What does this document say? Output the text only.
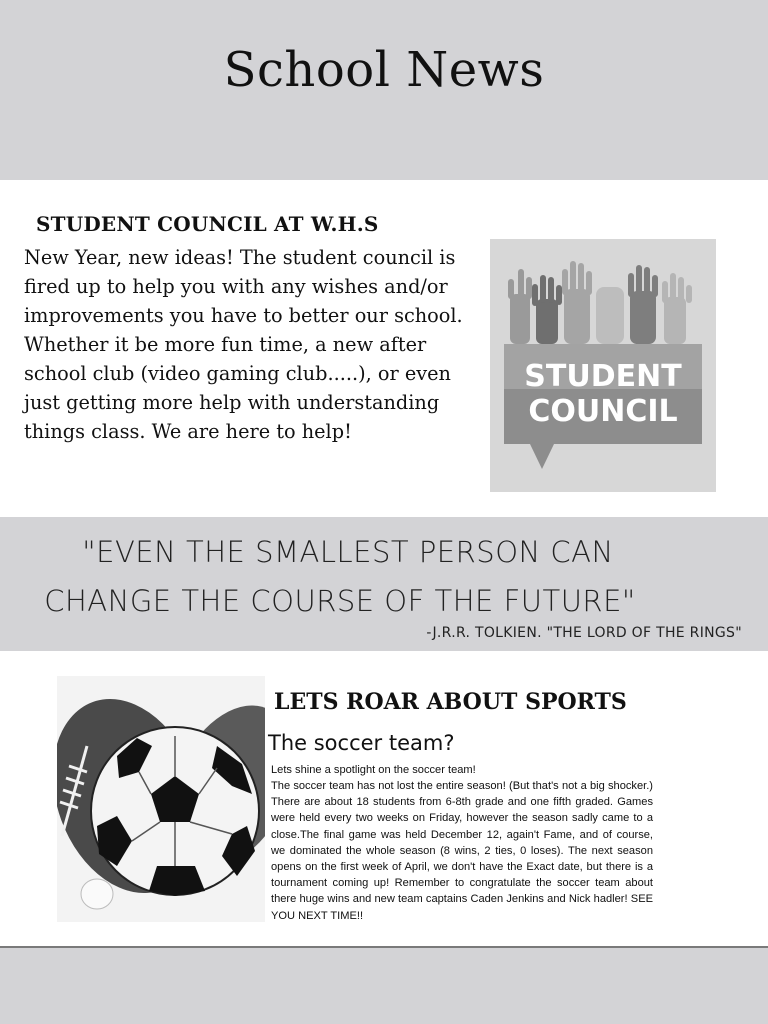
School News
STUDENT COUNCIL AT W.H.S
New Year, new ideas! The student council is fired up to help you with any wishes and/or improvements you have to better our school. Whether it be more fun time, a new after school club (video gaming club.....), or even just getting more help with understanding things class. We are here to help!
STUDENT
COUNCIL
"EVEN THE SMALLEST PERSON CAN
CHANGE THE COURSE OF THE FUTURE"
-J.R.R. TOLKIEN. "THE LORD OF THE RINGS"
LETS ROAR ABOUT SPORTS
The soccer team?
Lets shine a spotlight on the soccer team!
The soccer team has not lost the entire season! (But that's not a big shocker.) There are about 18 students from 6-8th grade and one fifth graded. Games were held every two weeks on Friday, however the season sadly came to a close.The final game was held December 12, again't Fame, and of course, we dominated the whole season (8 wins, 2 ties, 0 loses). The next season opens on the first week of April, we don't have the Exact date, but there is a tournament coming up! Remember to congratulate the soccer team about there huge wins and new team captains Caden Jenkins and Nick hadler! SEE YOU NEXT TIME!!
